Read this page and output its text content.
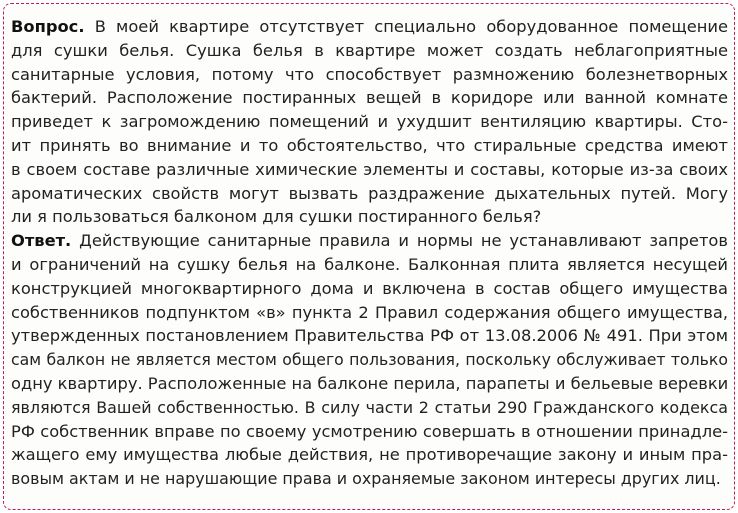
Вопрос. В моей квартире отсутствует специально оборудованное помещение
для сушки белья. Сушка белья в квартире может создать неблагоприятные
санитарные условия, потому что способствует размножению болезнетворных
бактерий. Расположение постиранных вещей в коридоре или ванной комнате
приведет к загромождению помещений и ухудшит вентиляцию квартиры. Сто-
ит принять во внимание и то обстоятельство, что стиральные средства имеют
в своем составе различные химические элементы и составы, которые из-за своих
ароматических свойств могут вызвать раздражение дыхательных путей. Могу
ли я пользоваться балконом для сушки постиранного белья?
Ответ. Действующие санитарные правила и нормы не устанавливают запретов
и ограничений на сушку белья на балконе. Балконная плита является несущей
конструкцией многоквартирного дома и включена в состав общего имущества
собственников подпунктом «в» пункта 2 Правил содержания общего имущества,
утвержденных постановлением Правительства РФ от 13.08.2006 № 491. При этом
сам балкон не является местом общего пользования, поскольку обслуживает только
одну квартиру. Расположенные на балконе перила, парапеты и бельевые веревки
являются Вашей собственностью. В силу части 2 статьи 290 Гражданского кодекса
РФ собственник вправе по своему усмотрению совершать в отношении принадле-
жащего ему имущества любые действия, не противоречащие закону и иным пра-
вовым актам и не нарушающие права и охраняемые законом интересы других лиц.
